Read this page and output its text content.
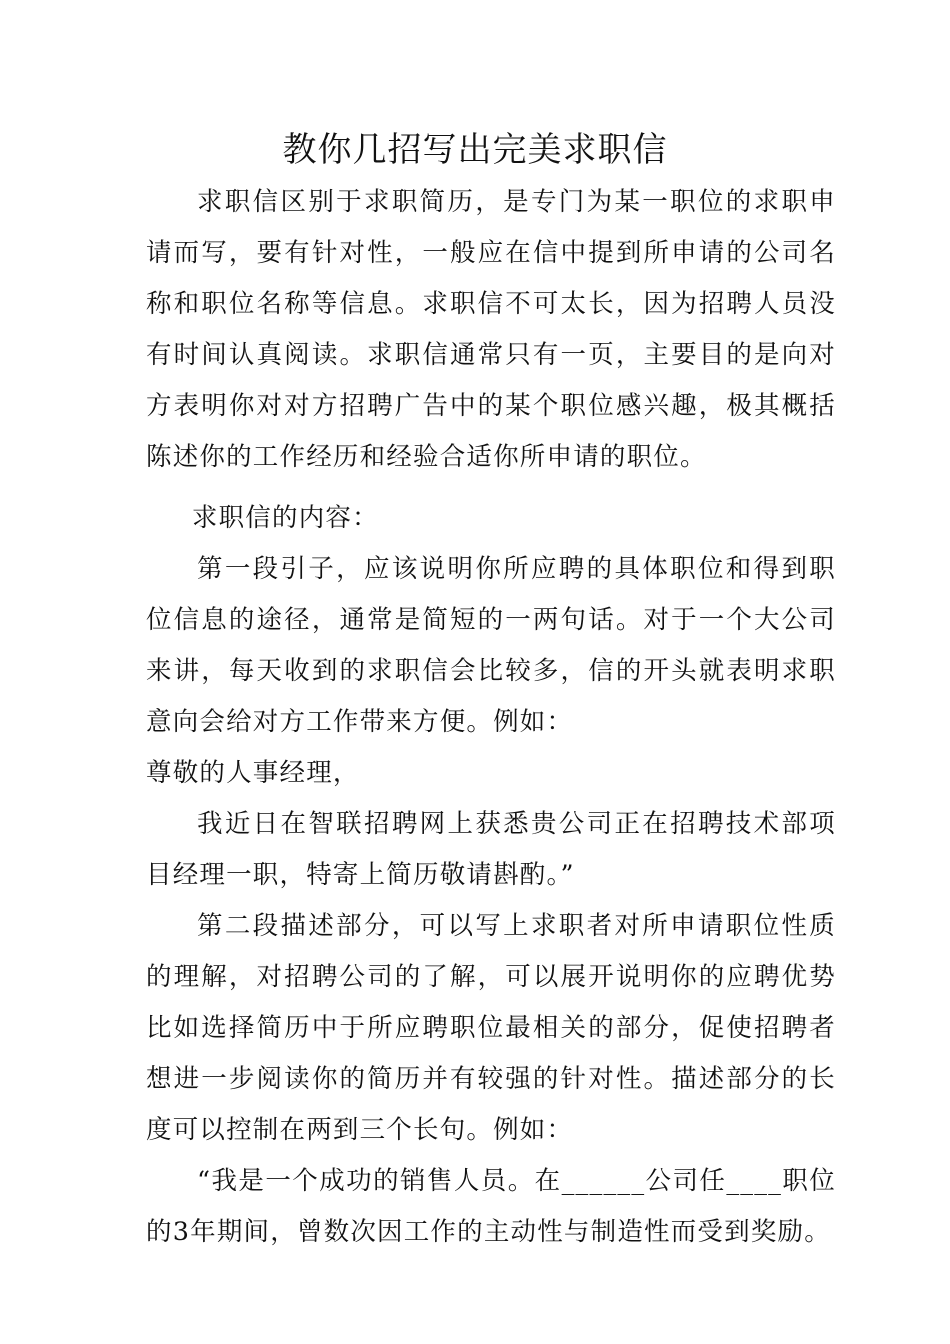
教你几招写出完美求职信

求职信区别于求职简历，是专门为某一职位的求职申请而写，要有针对性，一般应在信中提到所申请的公司名称和职位名称等信息。求职信不可太长，因为招聘人员没有时间认真阅读。求职信通常只有一页，主要目的是向对方表明你对对方招聘广告中的某个职位感兴趣，极其概括陈述你的工作经历和经验合适你所申请的职位。

求职信的内容：

第一段引子，应该说明你所应聘的具体职位和得到职位信息的途径，通常是简短的一两句话。对于一个大公司来讲，每天收到的求职信会比较多，信的开头就表明求职意向会给对方工作带来方便。例如：

尊敬的人事经理，

我近日在智联招聘网上获悉贵公司正在招聘技术部项目经理一职，特寄上简历敬请斟酌。”

第二段描述部分，可以写上求职者对所申请职位性质的理解，对招聘公司的了解，可以展开说明你的应聘优势比如选择简历中于所应聘职位最相关的部分，促使招聘者想进一步阅读你的简历并有较强的针对性。描述部分的长度可以控制在两到三个长句。例如：

“我是一个成功的销售人员。在______公司任____职位的3年期间，曾数次因工作的主动性与制造性而受到奖励。
